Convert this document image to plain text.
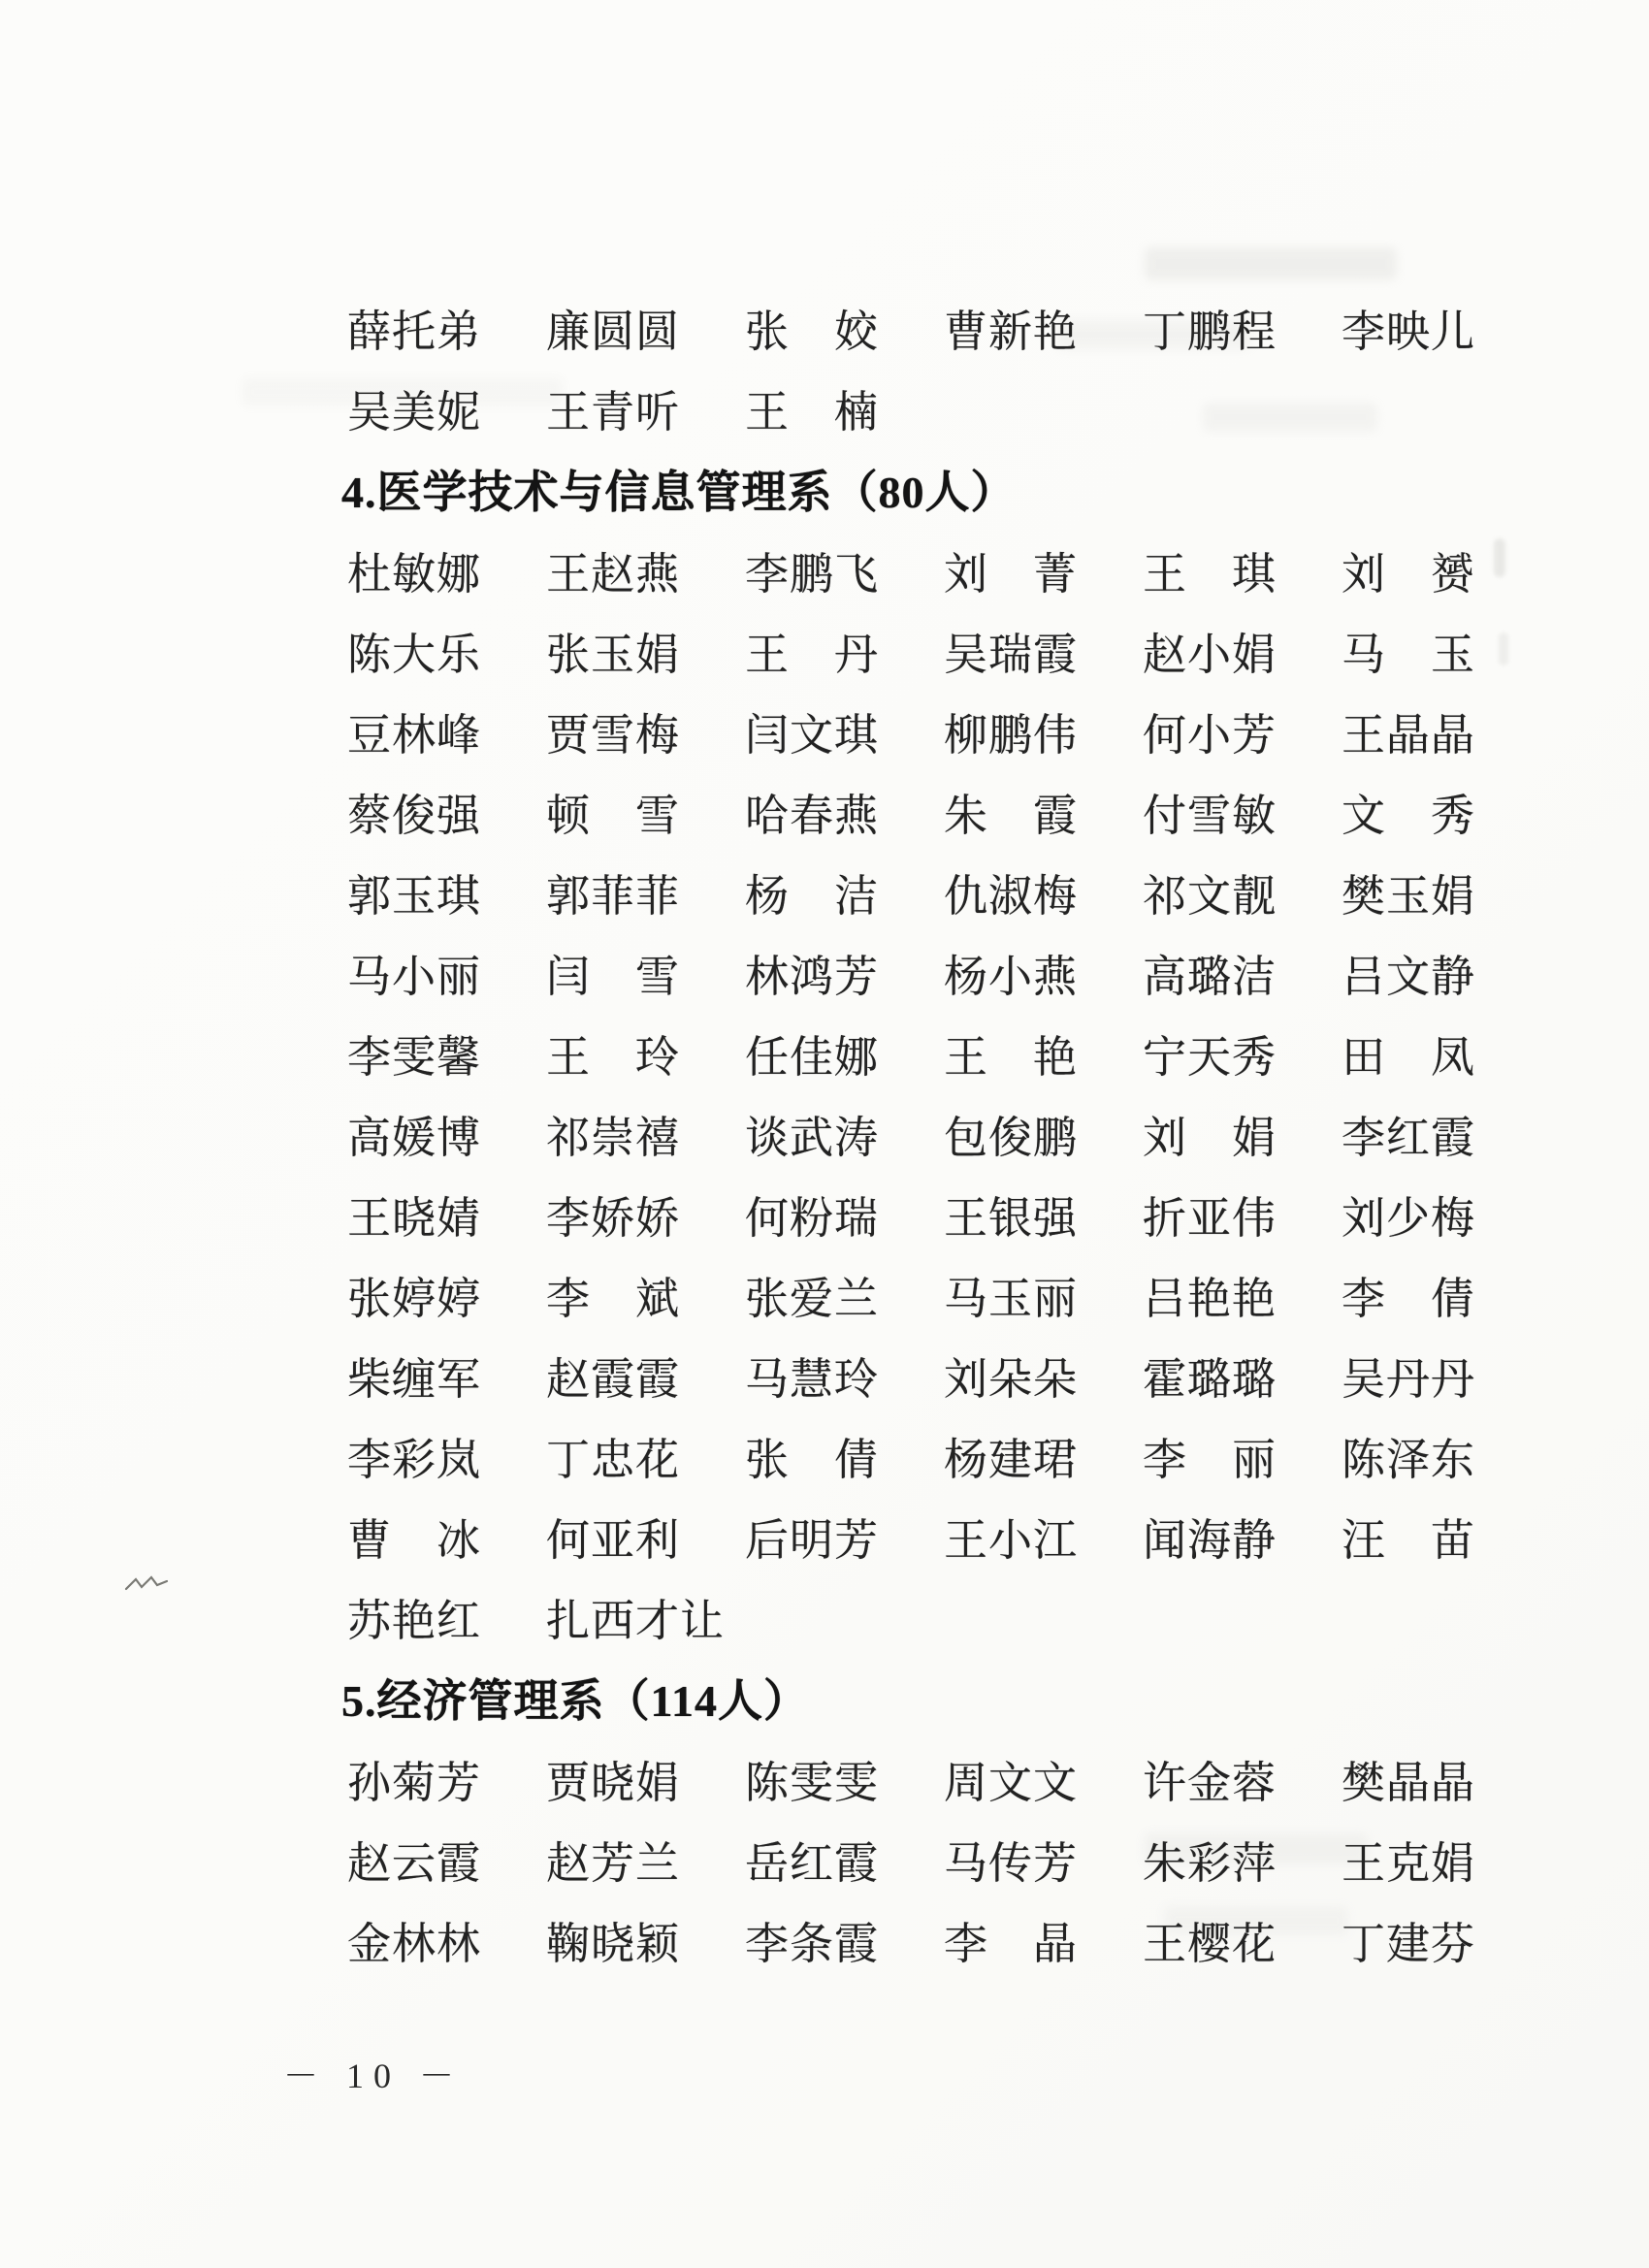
薛托弟	廉圆圆	张　姣	曹新艳	丁鹏程	李映儿
吴美妮	王青听	王　楠
4.医学技术与信息管理系（80人）
杜敏娜	王赵燕	李鹏飞	刘　菁	王　琪	刘　赟
陈大乐	张玉娟	王　丹	吴瑞霞	赵小娟	马　玉
豆林峰	贾雪梅	闫文琪	柳鹏伟	何小芳	王晶晶
蔡俊强	顿　雪	哈春燕	朱　霞	付雪敏	文　秀
郭玉琪	郭菲菲	杨　洁	仇淑梅	祁文靓	樊玉娟
马小丽	闫　雪	林鸿芳	杨小燕	高璐洁	吕文静
李雯馨	王　玲	任佳娜	王　艳	宁天秀	田　凤
高媛博	祁崇禧	谈武涛	包俊鹏	刘　娟	李红霞
王晓婧	李娇娇	何粉瑞	王银强	折亚伟	刘少梅
张婷婷	李　斌	张爱兰	马玉丽	吕艳艳	李　倩
柴缠军	赵霞霞	马慧玲	刘朵朵	霍璐璐	吴丹丹
李彩岚	丁忠花	张　倩	杨建珺	李　丽	陈泽东
曹　冰	何亚利	后明芳	王小江	闻海静	汪　苗
苏艳红	扎西才让
5.经济管理系（114人）
孙菊芳	贾晓娟	陈雯雯	周文文	许金蓉	樊晶晶
赵云霞	赵芳兰	岳红霞	马传芳	朱彩萍	王克娟
金林林	鞠晓颖	李条霞	李　晶	王樱花	丁建芬
－ 10 －
